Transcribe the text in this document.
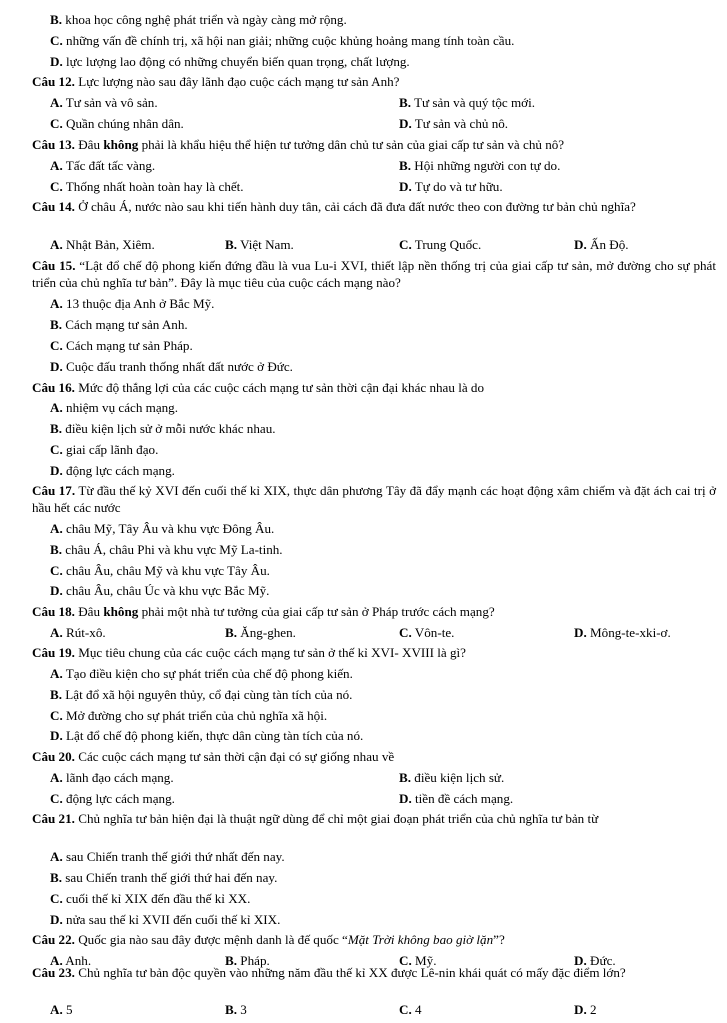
B. khoa học công nghệ phát triển và ngày càng mở rộng.
C. những vấn đề chính trị, xã hội nan giải; những cuộc khủng hoảng mang tính toàn cầu.
D. lực lượng lao động có những chuyển biến quan trọng, chất lượng.
Câu 12. Lực lượng nào sau đây lãnh đạo cuộc cách mạng tư sản Anh?
A. Tư sản và vô sản.	B. Tư sản và quý tộc mới.
C. Quần chúng nhân dân.	D. Tư sản và chủ nô.
Câu 13. Đâu không phải là khẩu hiệu thể hiện tư tưởng dân chủ tư sản của giai cấp tư sản và chủ nô?
A. Tấc đất tấc vàng.	B. Hội những người con tự do.
C. Thống nhất hoàn toàn hay là chết.	D. Tự do và tư hữu.
Câu 14. Ở châu Á, nước nào sau khi tiến hành duy tân, cải cách đã đưa đất nước theo con đường tư bản chủ nghĩa?
A. Nhật Bản, Xiêm.	B. Việt Nam.	C. Trung Quốc.	D. Ấn Độ.
Câu 15. “Lật đổ chế độ phong kiến đứng đầu là vua Lu-i XVI, thiết lập nền thống trị của giai cấp tư sản, mở đường cho sự phát triển của chủ nghĩa tư bản”. Đây là mục tiêu của cuộc cách mạng nào?
A. 13 thuộc địa Anh ở Bắc Mỹ.
B. Cách mạng tư sản Anh.
C. Cách mạng tư sản Pháp.
D. Cuộc đấu tranh thống nhất đất nước ở Đức.
Câu 16. Mức độ thắng lợi của các cuộc cách mạng tư sản thời cận đại khác nhau là do
A. nhiệm vụ cách mạng.
B. điều kiện lịch sử ở mỗi nước khác nhau.
C. giai cấp lãnh đạo.
D. động lực cách mạng.
Câu 17. Từ đầu thế kỷ XVI đến cuối thế kỉ XIX, thực dân phương Tây đã đẩy mạnh các hoạt động xâm chiếm và đặt ách cai trị ở hầu hết các nước
A. châu Mỹ, Tây Âu và khu vực Đông Âu.
B. châu Á, châu Phi và khu vực Mỹ La-tinh.
C. châu Âu, châu Mỹ và khu vực Tây Âu.
D. châu Âu, châu Úc và khu vực Bắc Mỹ.
Câu 18. Đâu không phải một nhà tư tưởng của giai cấp tư sản ở Pháp trước cách mạng?
A. Rút-xô.	B. Ăng-ghen.	C. Vôn-te.	D. Mông-te-xki-ơ.
Câu 19. Mục tiêu chung của các cuộc cách mạng tư sản ở thế kỉ XVI- XVIII là gì?
A. Tạo điều kiện cho sự phát triển của chế độ phong kiến.
B. Lật đổ xã hội nguyên thủy, cổ đại cùng tàn tích của nó.
C. Mở đường cho sự phát triển của chủ nghĩa xã hội.
D. Lật đổ chế độ phong kiến, thực dân cùng tàn tích của nó.
Câu 20. Các cuộc cách mạng tư sản thời cận đại có sự giống nhau về
A. lãnh đạo cách mạng.	B. điều kiện lịch sử.
C. động lực cách mạng.	D. tiền đề cách mạng.
Câu 21. Chủ nghĩa tư bản hiện đại là thuật ngữ dùng để chỉ một giai đoạn phát triển của chủ nghĩa tư bản từ
A. sau Chiến tranh thế giới thứ nhất đến nay.
B. sau Chiến tranh thế giới thứ hai đến nay.
C. cuối thế kỉ XIX đến đầu thế kỉ XX.
D. nửa sau thế kỉ XVII đến cuối thế kỉ XIX.
Câu 22. Quốc gia nào sau đây được mệnh danh là đế quốc “Mặt Trời không bao giờ lặn”?
A. Anh.	B. Pháp.	C. Mỹ.	D. Đức.
Câu 23. Chủ nghĩa tư bản độc quyền vào những năm đầu thế kỉ XX được Lê-nin khái quát có mấy đặc điểm lớn?
A. 5	B. 3	C. 4	D. 2
